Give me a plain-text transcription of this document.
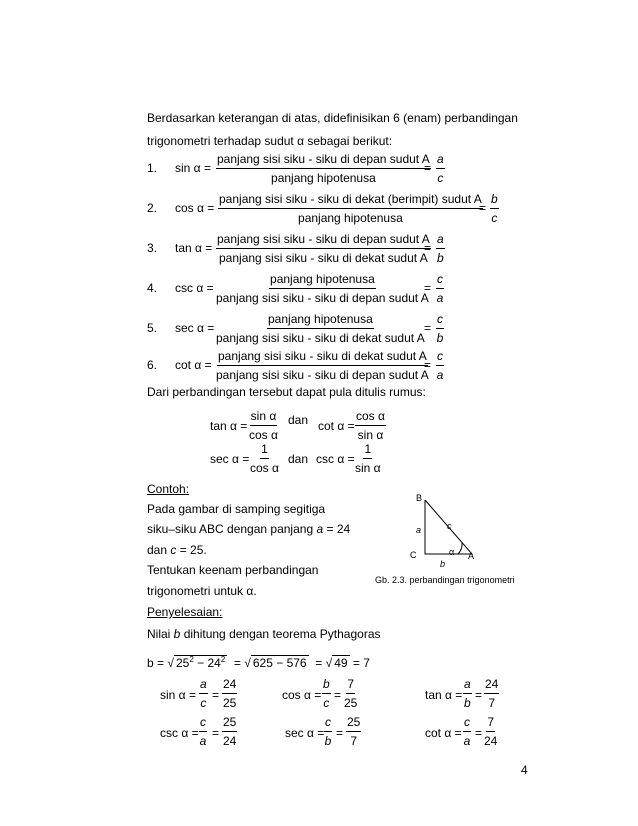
Berdasarkan keterangan di atas, didefinisikan 6 (enam) perbandingan
trigonometri terhadap sudut α sebagai berikut:
1. sin α =
panjang sisi siku - siku di depan sudut A
panjang hipotenusa
= $\frac{a}{c}$
2. cos α =
panjang sisi siku - siku di dekat (berimpit) sudut A
panjang hipotenusa
= $\frac{b}{c}$
3. tan α =
panjang sisi siku - siku di depan sudut A
panjang sisi siku - siku di dekat sudut A
= $\frac{a}{b}$
4. csc α =
panjang hipotenusa
panjang sisi siku - siku di depan sudut A
= $\frac{c}{a}$
5. sec α =
panjang hipotenusa
panjang sisi siku - siku di dekat sudut A
= $\frac{c}{b}$
6. cot α =
panjang sisi siku - siku di dekat sudut A
panjang sisi siku - siku di depan sudut A
= $\frac{c}{a}$
Dari perbandingan tersebut dapat pula ditulis rumus:
$\tan \alpha = \frac{\text{sin α}}{\text{cos α}}$ dan $\cot \alpha = \frac{\text{cos α}}{\text{sin α}}$
$\sec \alpha = \frac{1}{\text{cos α}}$ dan $\csc \alpha = \frac{1}{\text{sin α}}$
Contoh:
Pada gambar di samping segitiga
siku–siku ABC dengan panjang a = 24
dan c = 25.
Tentukan keenam perbandingan
trigonometri untuk α.
B
a	c
C	α A
b
Gb. 2.3. perbandingan trigonometri
Penyelesaian:
Nilai b dihitung dengan teorema Pythagoras
b = √ $25^2 - 24^2$ = √ 625 − 576 = √ 49 = 7
$\sin \alpha = \frac{a}{c} = \frac{24}{25}$	$\cos \alpha = \frac{b}{c} = \frac{7}{25}$	$\tan \alpha = \frac{a}{b} = \frac{24}{7}$
$\csc \alpha = \frac{c}{a} = \frac{25}{24}$	$\sec \alpha = \frac{c}{b} = \frac{25}{7}$	$\cot \alpha = \frac{c}{a} = \frac{7}{24}$
4
